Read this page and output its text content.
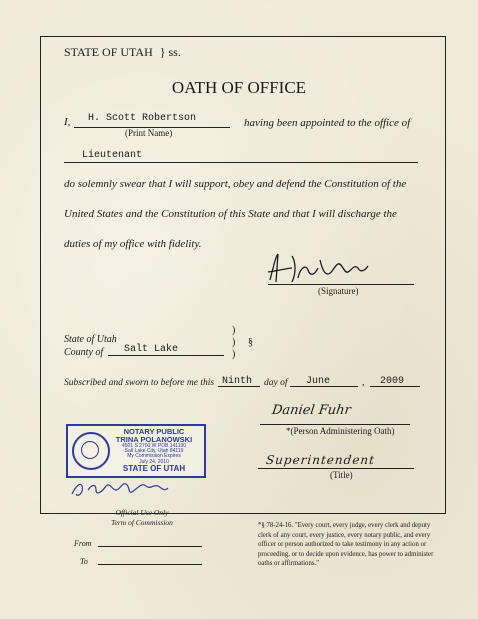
STATE OF UTAH } ss.
OATH OF OFFICE
I, H. Scott Robertson
(Print Name)
having been appointed to the office of
Lieutenant
do solemnly swear that I will support, obey and defend the Constitution of the
United States and the Constitution of this State and that I will discharge the
duties of my office with fidelity.
(Signature)
State of Utah
County of Salt Lake
)
)
)
§
Subscribed and sworn to before me this Ninth day of June	, 2009
NOTARY PUBLIC
TRINA POLANOWSKI
4501 S 2700 W POB 141100
Salt Lake City, Utah 84119
My Commission Expires
July 24, 2010
STATE OF UTAH
Daniel Fuhr
*(Person Administering Oath)
Superintendent
(Title)
Official Use Only
Term of Commission
From
To
*§ 78-24-16. "Every court, every judge, every clerk and deputy clerk of any court, every justice, every notary public, and every officer or person authorized to take testimony in any action or proceeding, or to decide upon evidence, has power to administer oaths or affirmations."
